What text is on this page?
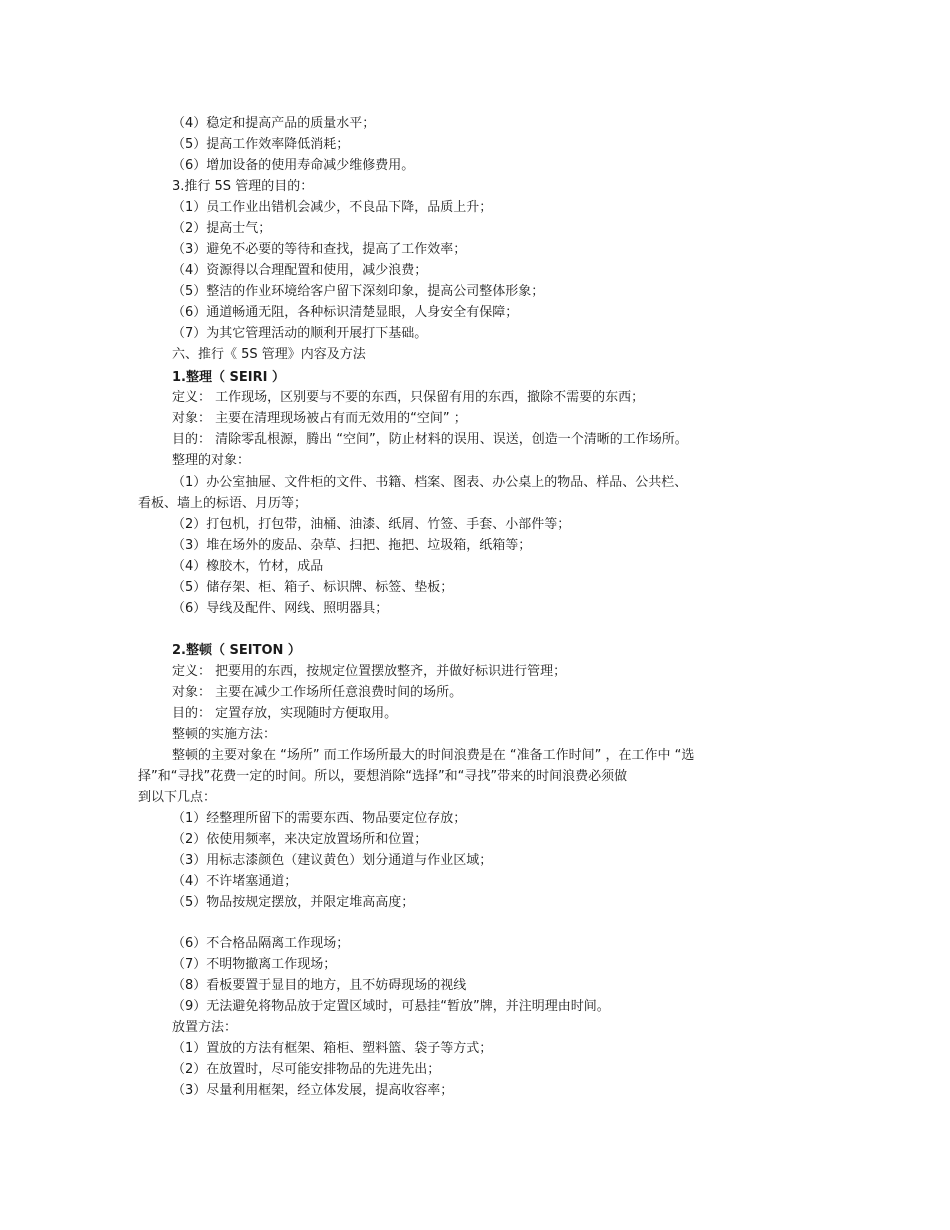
（4）稳定和提高产品的质量水平；
（5）提高工作效率降低消耗；
（6）增加设备的使用寿命减少维修费用。
3.推行 5S 管理的目的：
（1）员工作业出错机会减少，不良品下降，品质上升；
（2）提高士气；
（3）避免不必要的等待和查找，提高了工作效率；
（4）资源得以合理配置和使用，减少浪费；
（5）整洁的作业环境给客户留下深刻印象，提高公司整体形象；
（6）通道畅通无阻，各种标识清楚显眼，人身安全有保障；
（7）为其它管理活动的顺利开展打下基础。
六、推行《 5S 管理》内容及方法
1.整理（ SEIRI ）
定义： 工作现场，区别要与不要的东西，只保留有用的东西，撤除不需要的东西；
对象： 主要在清理现场被占有而无效用的“空间” ；
目的： 清除零乱根源，腾出 “空间”，防止材料的误用、误送，创造一个清晰的工作场所。
整理的对象：
（1）办公室抽屉、文件柜的文件、书籍、档案、图表、办公桌上的物品、样品、公共栏、
看板、墙上的标语、月历等；
（2）打包机，打包带，油桶、油漆、纸屑、竹签、手套、小部件等；
（3）堆在场外的废品、杂草、扫把、拖把、垃圾箱，纸箱等；
（4）橡胶木，竹材，成品
（5）储存架、柜、箱子、标识牌、标签、垫板；
（6）导线及配件、网线、照明器具；
2.整顿（ SEITON ）
定义： 把要用的东西，按规定位置摆放整齐，并做好标识进行管理；
对象： 主要在减少工作场所任意浪费时间的场所。
目的： 定置存放，实现随时方便取用。
整顿的实施方法：
整顿的主要对象在 “场所” 而工作场所最大的时间浪费是在 “准备工作时间” ，在工作中 “选
择”和“寻找”花费一定的时间。所以，要想消除“选择”和“寻找”带来的时间浪费必须做
到以下几点：
（1）经整理所留下的需要东西、物品要定位存放；
（2）依使用频率，来决定放置场所和位置；
（3）用标志漆颜色（建议黄色）划分通道与作业区域；
（4）不许堵塞通道；
（5）物品按规定摆放，并限定堆高高度；
（6）不合格品隔离工作现场；
（7）不明物撤离工作现场；
（8）看板要置于显目的地方，且不妨碍现场的视线
（9）无法避免将物品放于定置区域时，可悬挂“暂放”牌，并注明理由时间。
放置方法：
（1）置放的方法有框架、箱柜、塑料篮、袋子等方式；
（2）在放置时，尽可能安排物品的先进先出；
（3）尽量利用框架，经立体发展，提高收容率；
